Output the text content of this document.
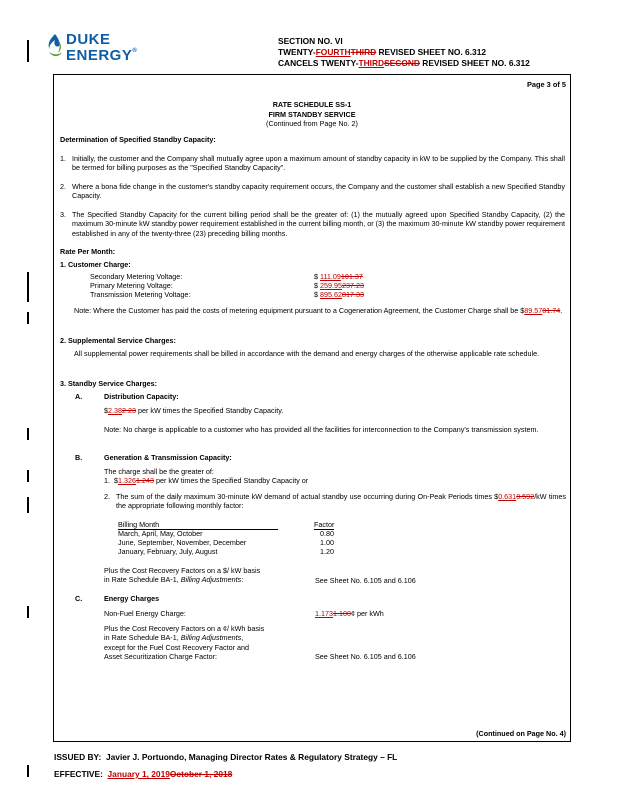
DUKE
ENERGY®
SECTION NO. VI
TWENTY-FOURTHTHIRD REVISED SHEET NO. 6.312
CANCELS TWENTY-THIRDSECOND REVISED SHEET NO. 6.312
Page 3 of 5
RATE SCHEDULE SS-1
FIRM STANDBY SERVICE
(Continued from Page No. 2)
Determination of Specified Standby Capacity:
1. Initially, the customer and the Company shall mutually agree upon a maximum amount of standby capacity in kW to be supplied by the Company. This shall be termed for billing purposes as the "Specified Standby Capacity".

2. Where a bona fide change in the customer's standby capacity requirement occurs, the Company and the customer shall establish a new Specified Standby Capacity.

3. The Specified Standby Capacity for the current billing period shall be the greater of: (1) the mutually agreed upon Specified Standby Capacity, (2) the maximum 30-minute kW standby power requirement established in the current billing month, or (3) the maximum 30-minute kW standby power requirement established in any of the twenty-three (23) preceding billing months.

Rate Per Month:
1. Customer Charge:
Secondary Metering Voltage:	$ 111.09101.37
Primary Metering Voltage:	$ 259.95237.23
Transmission Metering Voltage:	$ 895.62817.33

Note: Where the Customer has paid the costs of metering equipment pursuant to a Cogeneration Agreement, the Customer Charge shall be $89.5781.74.

2. Supplemental Service Charges:
All supplemental power requirements shall be billed in accordance with the demand and energy charges of the otherwise applicable rate schedule.
3. Standby Service Charges:
A.	Distribution Capacity:
$2.382.23 per kW times the Specified Standby Capacity.

Note: No charge is applicable to a customer who has provided all the facilities for interconnection to the Company's transmission system.

B.	Generation & Transmission Capacity:
The charge shall be the greater of:
1. $1.3261.243 per kW times the Specified Standby Capacity or
2. The sum of the daily maximum 30-minute kW demand of actual standby use occurring during On-Peak Periods times $0.6310.592/kW times the appropriate following monthly factor:

Billing Month	Factor
March, April, May, October	0.80
June, September, November, December	1.00
January, February, July, August	1.20
Plus the Cost Recovery Factors on a $/ kW basis
in Rate Schedule BA-1, Billing Adjustments:	See Sheet No. 6.105 and 6.106
C.	Energy Charges
Non-Fuel Energy Charge:	1.1731.100¢ per kWh
Plus the Cost Recovery Factors on a ¢/ kWh basis
in Rate Schedule BA-1, Billing Adjustments,
except for the Fuel Cost Recovery Factor and
Asset Securitization Charge Factor:	See Sheet No. 6.105 and 6.106
(Continued on Page No. 4)
ISSUED BY: Javier J. Portuondo, Managing Director Rates & Regulatory Strategy – FL
EFFECTIVE: January 1, 2019October 1, 2018
